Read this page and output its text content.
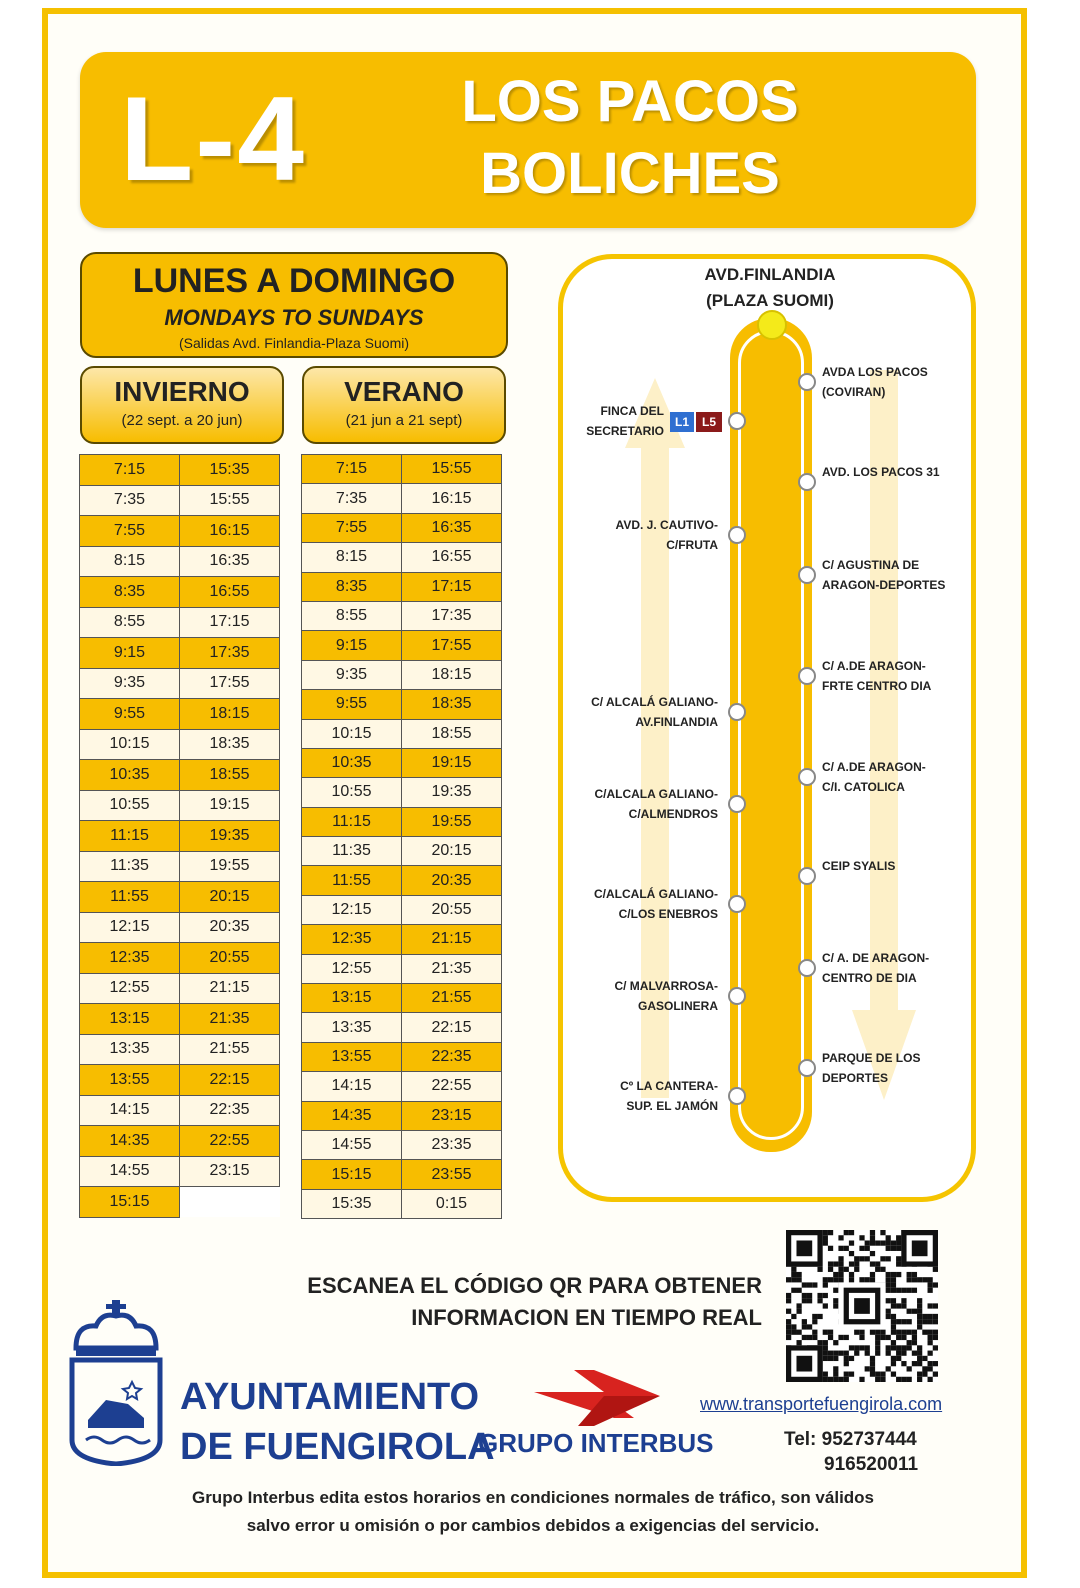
L-4	LOS PACOS
BOLICHES
LUNES A DOMINGO
MONDAYS TO SUNDAYS
(Salidas Avd. Finlandia-Plaza Suomi)
INVIERNO
(22 sept. a 20 jun)
VERANO
(21 jun a 21 sept)
7:15	15:35
7:35	15:55
7:55	16:15
8:15	16:35
8:35	16:55
8:55	17:15
9:15	17:35
9:35	17:55
9:55	18:15
10:15	18:35
10:35	18:55
10:55	19:15
11:15	19:35
11:35	19:55
11:55	20:15
12:15	20:35
12:35	20:55
12:55	21:15
13:15	21:35
13:35	21:55
13:55	22:15
14:15	22:35
14:35	22:55
14:55	23:15
15:15	
7:15	15:55
7:35	16:15
7:55	16:35
8:15	16:55
8:35	17:15
8:55	17:35
9:15	17:55
9:35	18:15
9:55	18:35
10:15	18:55
10:35	19:15
10:55	19:35
11:15	19:55
11:35	20:15
11:55	20:35
12:15	20:55
12:35	21:15
12:55	21:35
13:15	21:55
13:35	22:15
13:55	22:35
14:15	22:55
14:35	23:15
14:55	23:35
15:15	23:55
15:35	0:15
AVD.FINLANDIA
(PLAZA SUOMI)
L1	L5
AVDA LOS PACOS
(COVIRAN)
AVD. LOS PACOS 31
C/ AGUSTINA DE
ARAGON-DEPORTES
C/ A.DE ARAGON-
FRTE CENTRO DIA
C/ A.DE ARAGON-
C/I. CATOLICA
CEIP SYALIS
C/ A. DE ARAGON-
CENTRO DE DIA
PARQUE DE LOS
DEPORTES
FINCA DEL
SECRETARIO
AVD. J. CAUTIVO-
C/FRUTA
C/ ALCALÁ GALIANO-
AV.FINLANDIA
C/ALCALA GALIANO-
C/ALMENDROS
C/ALCALÁ GALIANO-
C/LOS ENEBROS
C/ MALVARROSA-
GASOLINERA
Cº LA CANTERA-
SUP. EL JAMÓN
ESCANEA EL CÓDIGO QR PARA OBTENER
INFORMACION EN TIEMPO REAL
AYUNTAMIENTO
DE FUENGIROLA
GRUPO INTERBUS
www.transportefuengirola.com
Tel: 952737444
916520011
Grupo Interbus edita estos horarios en condiciones normales de tráfico, son válidos
salvo error u omisión o por cambios debidos a exigencias del servicio.
